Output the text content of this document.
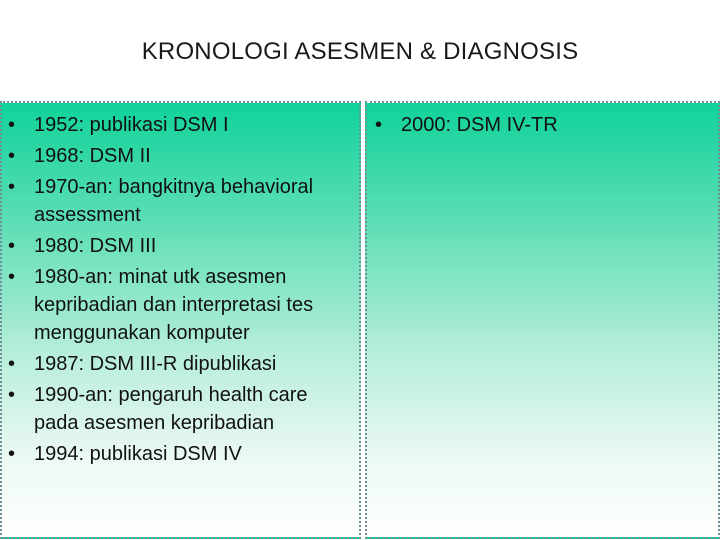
KRONOLOGI ASESMEN & DIAGNOSIS
• 1952: publikasi DSM I
• 1968: DSM II
• 1970-an: bangkitnya behavioral assessment
• 1980: DSM III
• 1980-an: minat utk asesmen kepribadian dan interpretasi tes menggunakan komputer
• 1987: DSM III-R dipublikasi
• 1990-an: pengaruh health care pada asesmen kepribadian
• 1994: publikasi DSM IV
• 2000: DSM IV-TR
